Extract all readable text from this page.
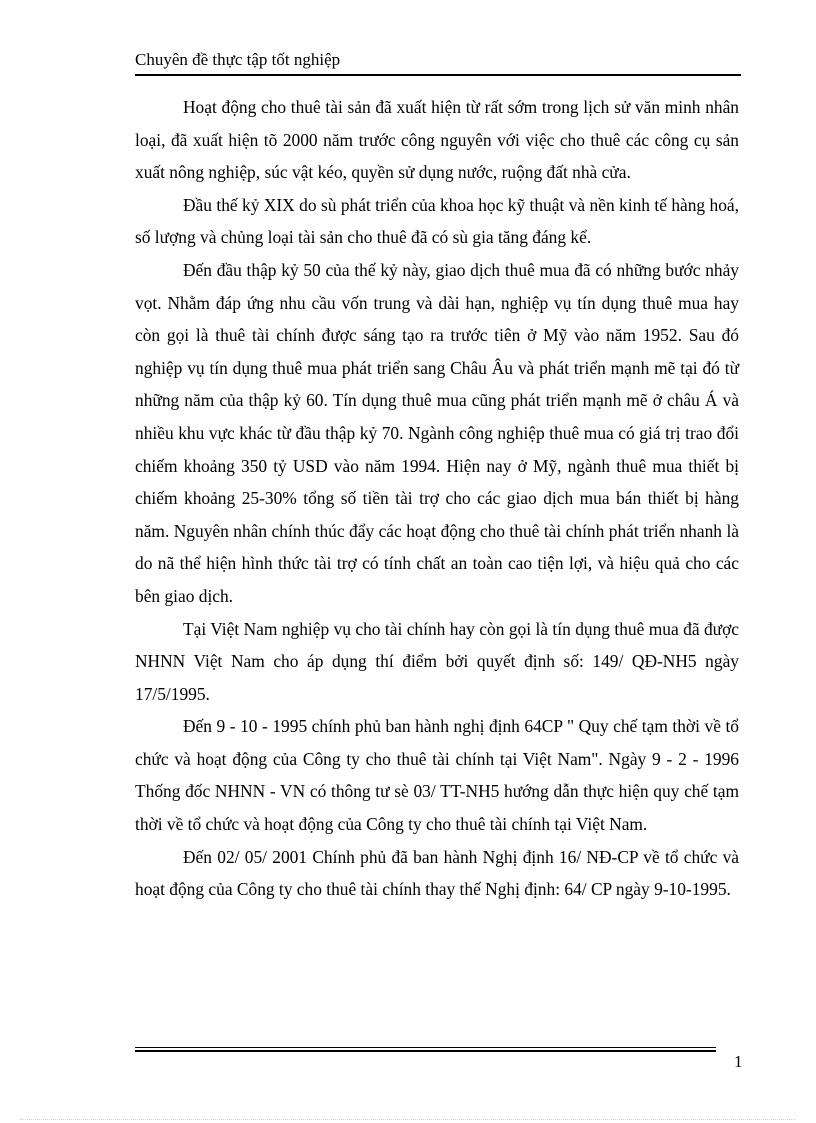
Chuyên đề thực tập tốt nghiệp

Hoạt động cho thuê tài sản đã xuất hiện từ rất sớm trong lịch sử văn minh nhân loại, đã xuất hiện tõ 2000 năm trước công nguyên với việc cho thuê các công cụ sản xuất nông nghiệp, súc vật kéo, quyền sử dụng nước, ruộng đất nhà cửa.

Đầu thế kỷ XIX do sù phát triển của khoa học kỹ thuật và nền kinh tế hàng hoá, số lượng và chủng loại tài sản cho thuê đã có sù gia tăng đáng kể.

Đến đầu thập kỷ 50 của thế kỷ này, giao dịch thuê mua đã có những bước nhảy vọt. Nhằm đáp ứng nhu cầu vốn trung và dài hạn, nghiệp vụ tín dụng thuê mua hay còn gọi là thuê tài chính được sáng tạo ra trước tiên ở Mỹ vào năm 1952. Sau đó nghiệp vụ tín dụng thuê mua phát triển sang Châu Âu và phát triển mạnh mẽ tại đó từ những năm của thập kỷ 60. Tín dụng thuê mua cũng phát triển mạnh mẽ ở châu Á và nhiều khu vực khác từ đầu thập kỷ 70. Ngành công nghiệp thuê mua có giá trị trao đổi chiếm khoảng 350 tỷ USD vào năm 1994. Hiện nay ở Mỹ, ngành thuê mua thiết bị chiếm khoảng 25-30% tổng số tiền tài trợ cho các giao dịch mua bán thiết bị hàng năm. Nguyên nhân chính thúc đẩy các hoạt động cho thuê tài chính phát triển nhanh là do nã thể hiện hình thức tài trợ có tính chất an toàn cao tiện lợi, và hiệu quả cho các bên giao dịch.

Tại Việt Nam nghiệp vụ cho tài chính hay còn gọi là tín dụng thuê mua đã được NHNN Việt Nam cho áp dụng thí điểm bởi quyết định số: 149/ QĐ-NH5 ngày 17/5/1995.

Đến 9 - 10 - 1995 chính phủ ban hành nghị định 64CP " Quy chế tạm thời về tổ chức và hoạt động của Công ty cho thuê tài chính tại Việt Nam". Ngày 9 - 2 - 1996 Thống đốc NHNN - VN có thông tư sè 03/ TT-NH5 hướng dẫn thực hiện quy chế tạm thời về tổ chức và hoạt động của Công ty cho thuê tài chính tại Việt Nam.

Đến 02/ 05/ 2001 Chính phủ đã ban hành Nghị định 16/ NĐ-CP về tổ chức và hoạt động của Công ty cho thuê tài chính thay thế Nghị định: 64/ CP ngày 9-10-1995.

1
